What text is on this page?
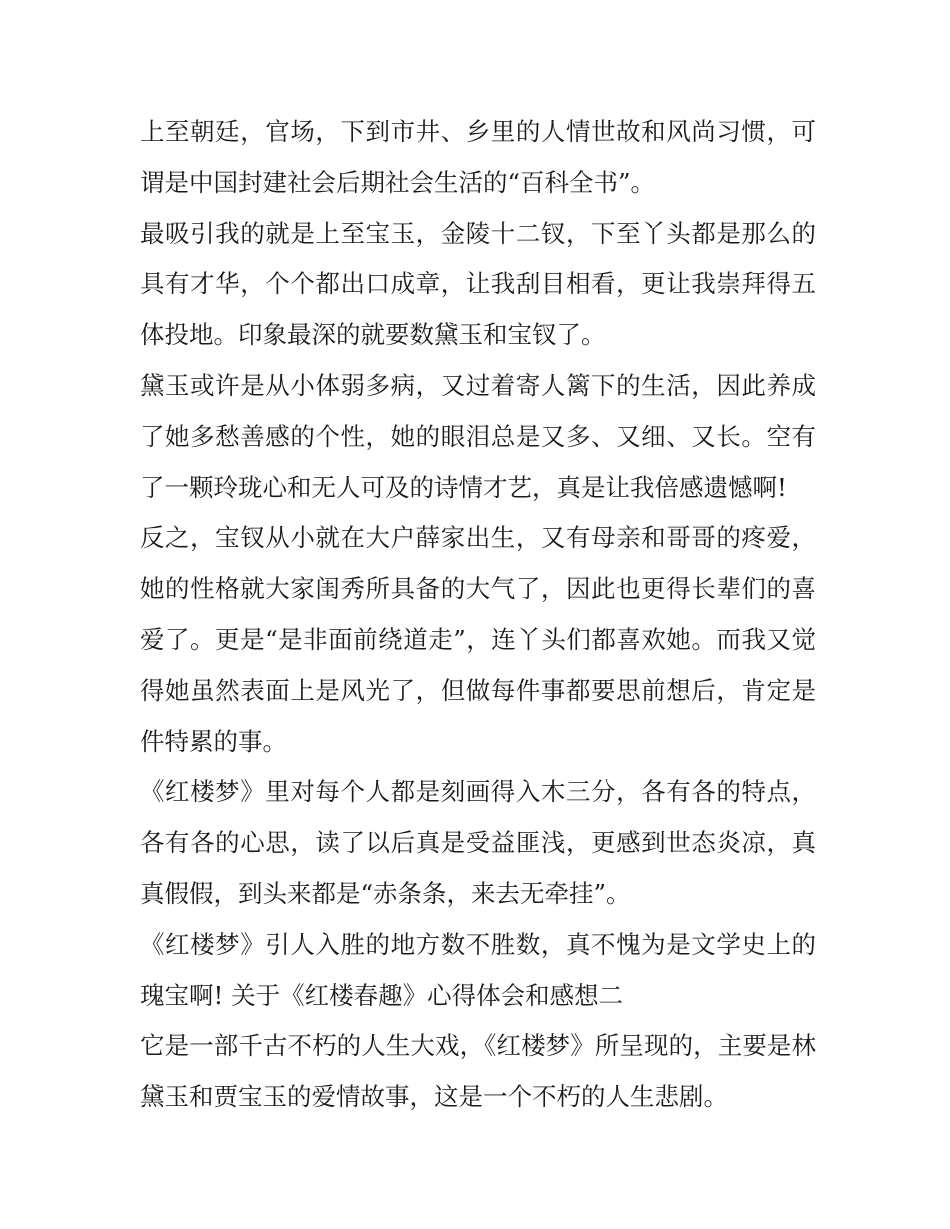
上至朝廷，官场，下到市井、乡里的人情世故和风尚习惯，可谓是中国封建社会后期社会生活的“百科全书”。

最吸引我的就是上至宝玉，金陵十二钗，下至丫头都是那么的具有才华，个个都出口成章，让我刮目相看，更让我崇拜得五体投地。印象最深的就要数黛玉和宝钗了。

黛玉或许是从小体弱多病，又过着寄人篱下的生活，因此养成了她多愁善感的个性，她的眼泪总是又多、又细、又长。空有了一颗玲珑心和无人可及的诗情才艺，真是让我倍感遗憾啊!

反之，宝钗从小就在大户薛家出生，又有母亲和哥哥的疼爱，她的性格就大家闺秀所具备的大气了，因此也更得长辈们的喜爱了。更是“是非面前绕道走”，连丫头们都喜欢她。而我又觉得她虽然表面上是风光了，但做每件事都要思前想后，肯定是件特累的事。

《红楼梦》里对每个人都是刻画得入木三分，各有各的特点，各有各的心思，读了以后真是受益匪浅，更感到世态炎凉，真真假假，到头来都是“赤条条，来去无牵挂”。

《红楼梦》引人入胜的地方数不胜数，真不愧为是文学史上的瑰宝啊! 关于《红楼春趣》心得体会和感想二

它是一部千古不朽的人生大戏，《红楼梦》所呈现的，主要是林黛玉和贾宝玉的爱情故事，这是一个不朽的人生悲剧。
